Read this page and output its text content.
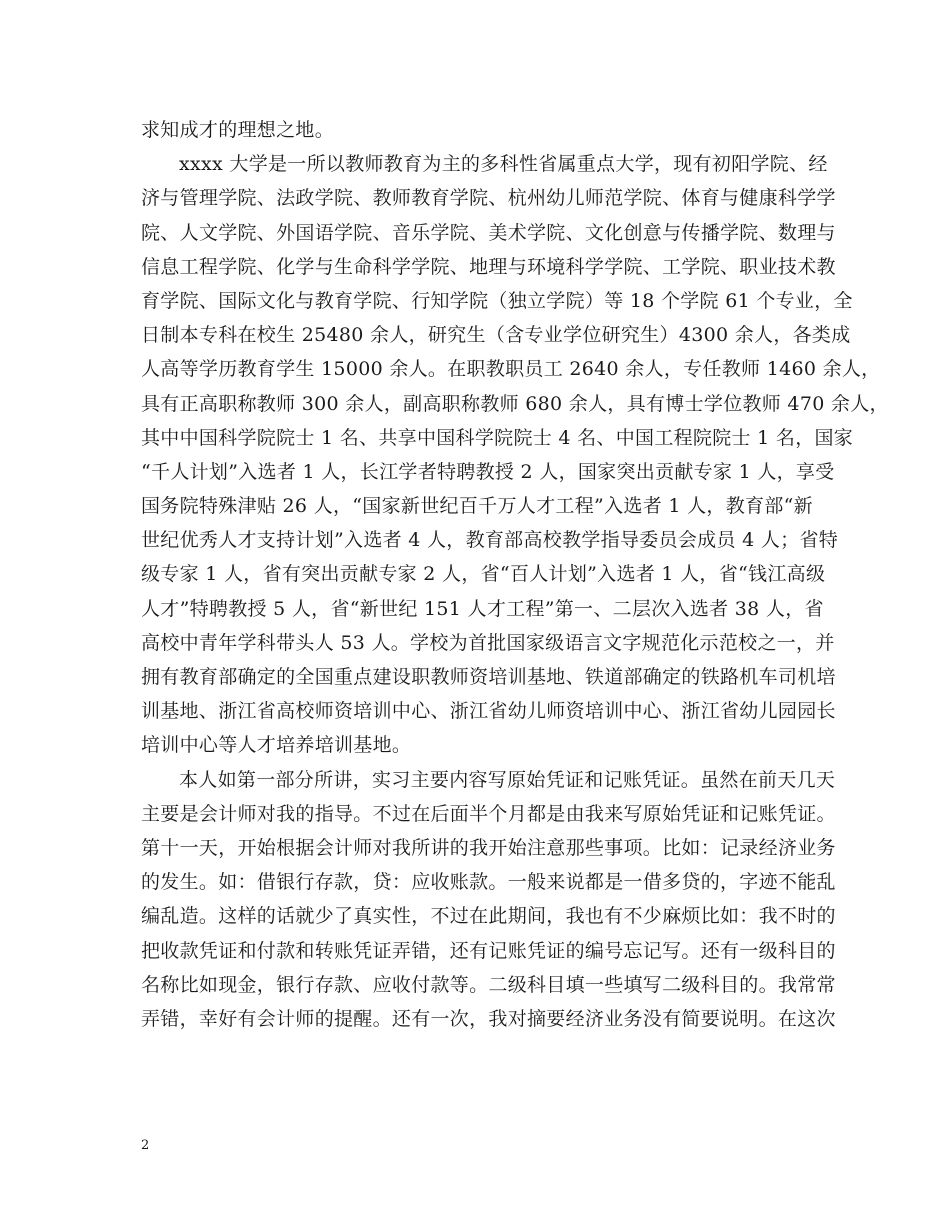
求知成才的理想之地。
xxxx 大学是一所以教师教育为主的多科性省属重点大学，现有初阳学院、经
济与管理学院、法政学院、教师教育学院、杭州幼儿师范学院、体育与健康科学学
院、人文学院、外国语学院、音乐学院、美术学院、文化创意与传播学院、数理与
信息工程学院、化学与生命科学学院、地理与环境科学学院、工学院、职业技术教
育学院、国际文化与教育学院、行知学院（独立学院）等 18 个学院 61 个专业，全
日制本专科在校生 25480 余人，研究生（含专业学位研究生）4300 余人，各类成
人高等学历教育学生 15000 余人。在职教职员工 2640 余人，专任教师 1460 余人，
具有正高职称教师 300 余人，副高职称教师 680 余人，具有博士学位教师 470 余人，
其中中国科学院院士 1 名、共享中国科学院院士 4 名、中国工程院院士 1 名，国家
“千人计划”入选者 1 人，长江学者特聘教授 2 人，国家突出贡献专家 1 人，享受
国务院特殊津贴 26 人，“国家新世纪百千万人才工程”入选者 1 人，教育部“新
世纪优秀人才支持计划”入选者 4 人，教育部高校教学指导委员会成员 4 人；省特
级专家 1 人，省有突出贡献专家 2 人，省“百人计划”入选者 1 人，省“钱江高级
人才”特聘教授 5 人，省“新世纪 151 人才工程”第一、二层次入选者 38 人，省
高校中青年学科带头人 53 人。学校为首批国家级语言文字规范化示范校之一，并
拥有教育部确定的全国重点建设职教师资培训基地、铁道部确定的铁路机车司机培
训基地、浙江省高校师资培训中心、浙江省幼儿师资培训中心、浙江省幼儿园园长
培训中心等人才培养培训基地。
本人如第一部分所讲，实习主要内容写原始凭证和记账凭证。虽然在前天几天
主要是会计师对我的指导。不过在后面半个月都是由我来写原始凭证和记账凭证。
第十一天，开始根据会计师对我所讲的我开始注意那些事项。比如：记录经济业务
的发生。如：借银行存款，贷：应收账款。一般来说都是一借多贷的，字迹不能乱
编乱造。这样的话就少了真实性，不过在此期间，我也有不少麻烦比如：我不时的
把收款凭证和付款和转账凭证弄错，还有记账凭证的编号忘记写。还有一级科目的
名称比如现金，银行存款、应收付款等。二级科目填一些填写二级科目的。我常常
弄错，幸好有会计师的提醒。还有一次，我对摘要经济业务没有简要说明。在这次
2
